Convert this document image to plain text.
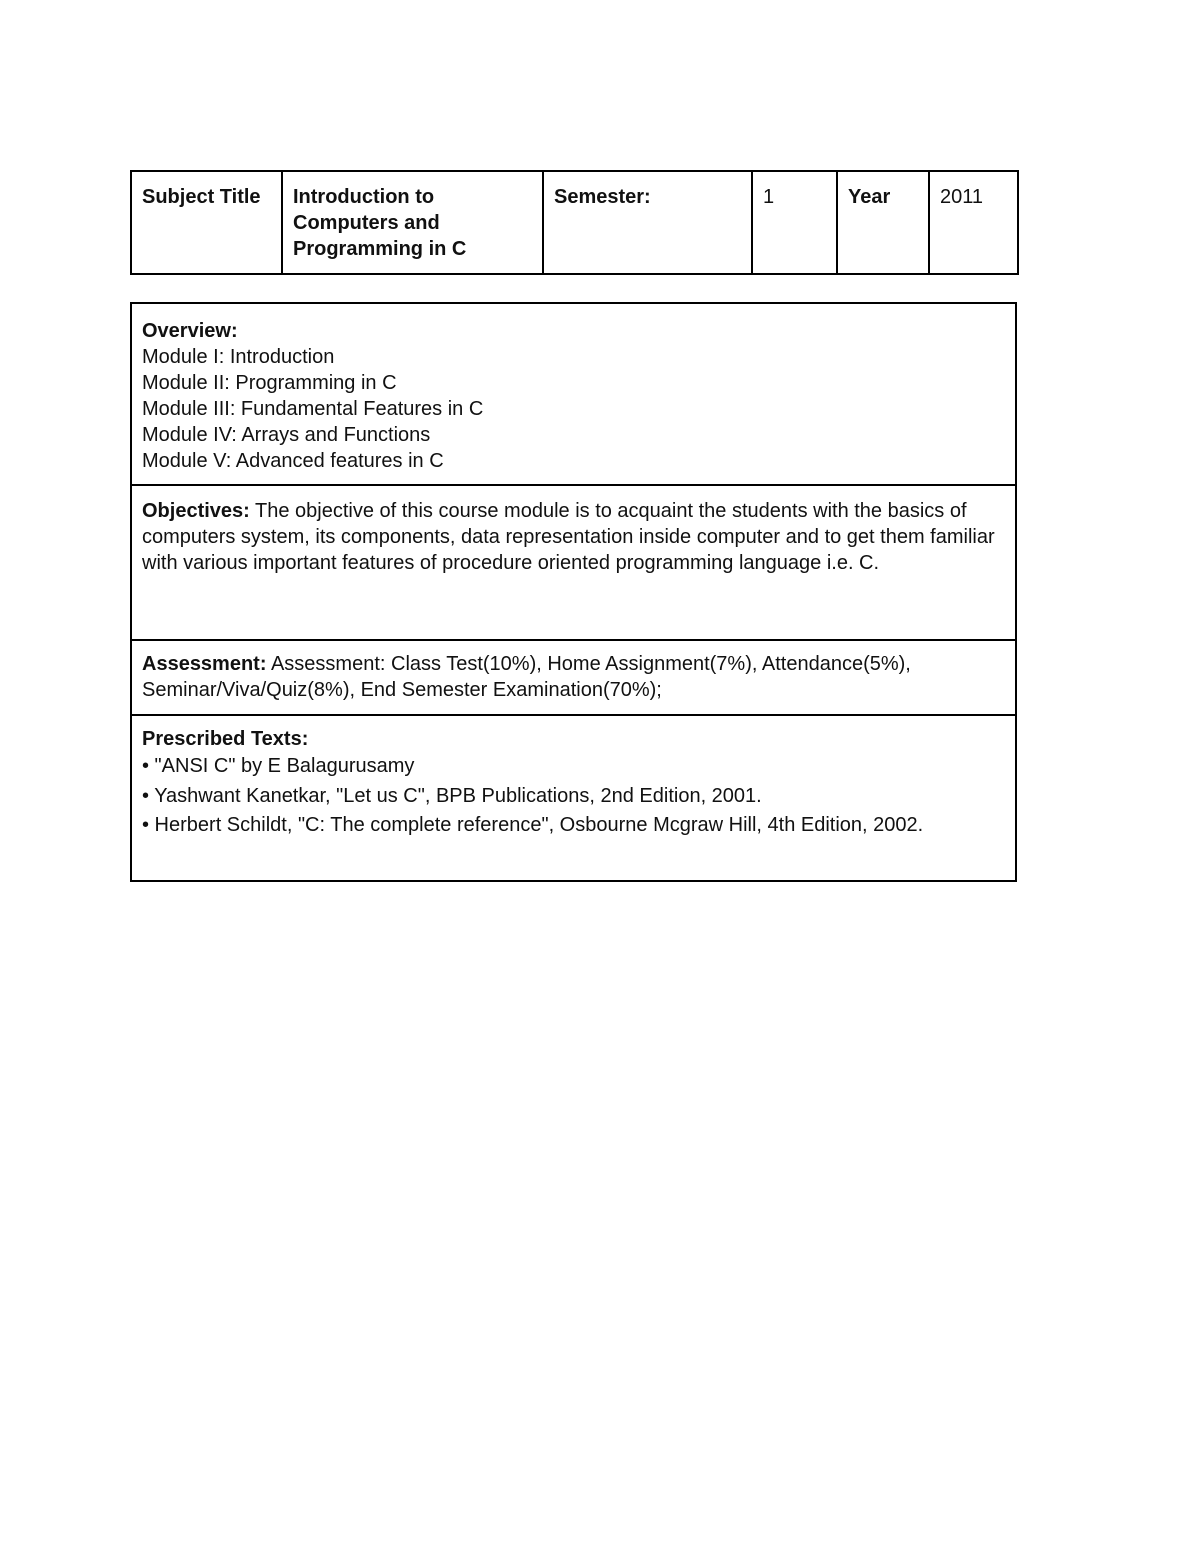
Subject Title	Introduction to Computers and Programming in C	Semester:	1	Year	2011
Overview:
Module I: Introduction
Module II: Programming in C
Module III: Fundamental Features in C
Module IV: Arrays and Functions
Module V: Advanced features in C

Objectives: The objective of this course module is to acquaint the students with the basics of computers system, its components, data representation inside computer and to get them familiar with various important features of procedure oriented programming language i.e. C.
Assessment: Assessment: Class Test(10%), Home Assignment(7%), Attendance(5%), Seminar/Viva/Quiz(8%), End Semester Examination(70%);

Prescribed Texts:
• "ANSI C" by E Balagurusamy
• Yashwant Kanetkar, "Let us C", BPB Publications, 2nd Edition, 2001.
• Herbert Schildt, "C: The complete reference", Osbourne Mcgraw Hill, 4th Edition, 2002.
